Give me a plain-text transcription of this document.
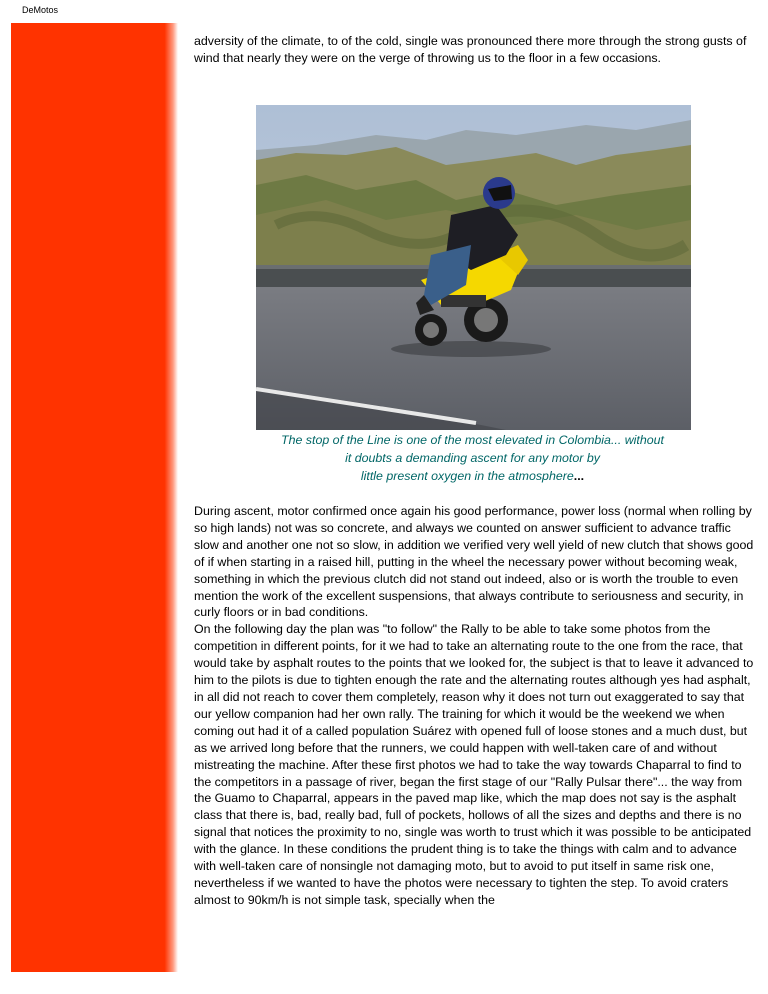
DeMotos

adversity of the climate, to of the cold, single was pronounced there more through the strong gusts of wind that nearly they were on the verge of throwing us to the floor in a few occasions.

The stop of the Line is one of the most elevated in Colombia... without
it doubts a demanding ascent for any motor by
little present oxygen in the atmosphere...

During ascent, motor confirmed once again his good performance, power loss (normal when rolling by so high lands) not was so concrete, and always we counted on answer sufficient to advance traffic slow and another one not so slow, in addition we verified very well yield of new clutch that shows good of if when starting in a raised hill, putting in the wheel the necessary power without becoming weak, something in which the previous clutch did not stand out indeed, also or is worth the trouble to even mention the work of the excellent suspensions, that always contribute to seriousness and security, in curly floors or in bad conditions.

On the following day the plan was "to follow" the Rally to be able to take some photos from the competition in different points, for it we had to take an alternating route to the one from the race, that would take by asphalt routes to the points that we looked for, the subject is that to leave it advanced to him to the pilots is due to tighten enough the rate and the alternating routes although yes had asphalt, in all did not reach to cover them completely, reason why it does not turn out exaggerated to say that our yellow companion had her own rally. The training for which it would be the weekend we when coming out had it of a called population Suárez with opened full of loose stones and a much dust, but as we arrived long before that the runners, we could happen with well-taken care of and without mistreating the machine. After these first photos we had to take the way towards Chaparral to find to the competitors in a passage of river, began the first stage of our "Rally Pulsar there"... the way from the Guamo to Chaparral, appears in the paved map like, which the map does not say is the asphalt class that there is, bad, really bad, full of pockets, hollows of all the sizes and depths and there is no signal that notices the proximity to no, single was worth to trust which it was possible to be anticipated with the glance. In these conditions the prudent thing is to take the things with calm and to advance with well-taken care of nonsingle not damaging moto, but to avoid to put itself in same risk one, nevertheless if we wanted to have the photos were necessary to tighten the step. To avoid craters almost to 90km/h is not simple task, specially when the
